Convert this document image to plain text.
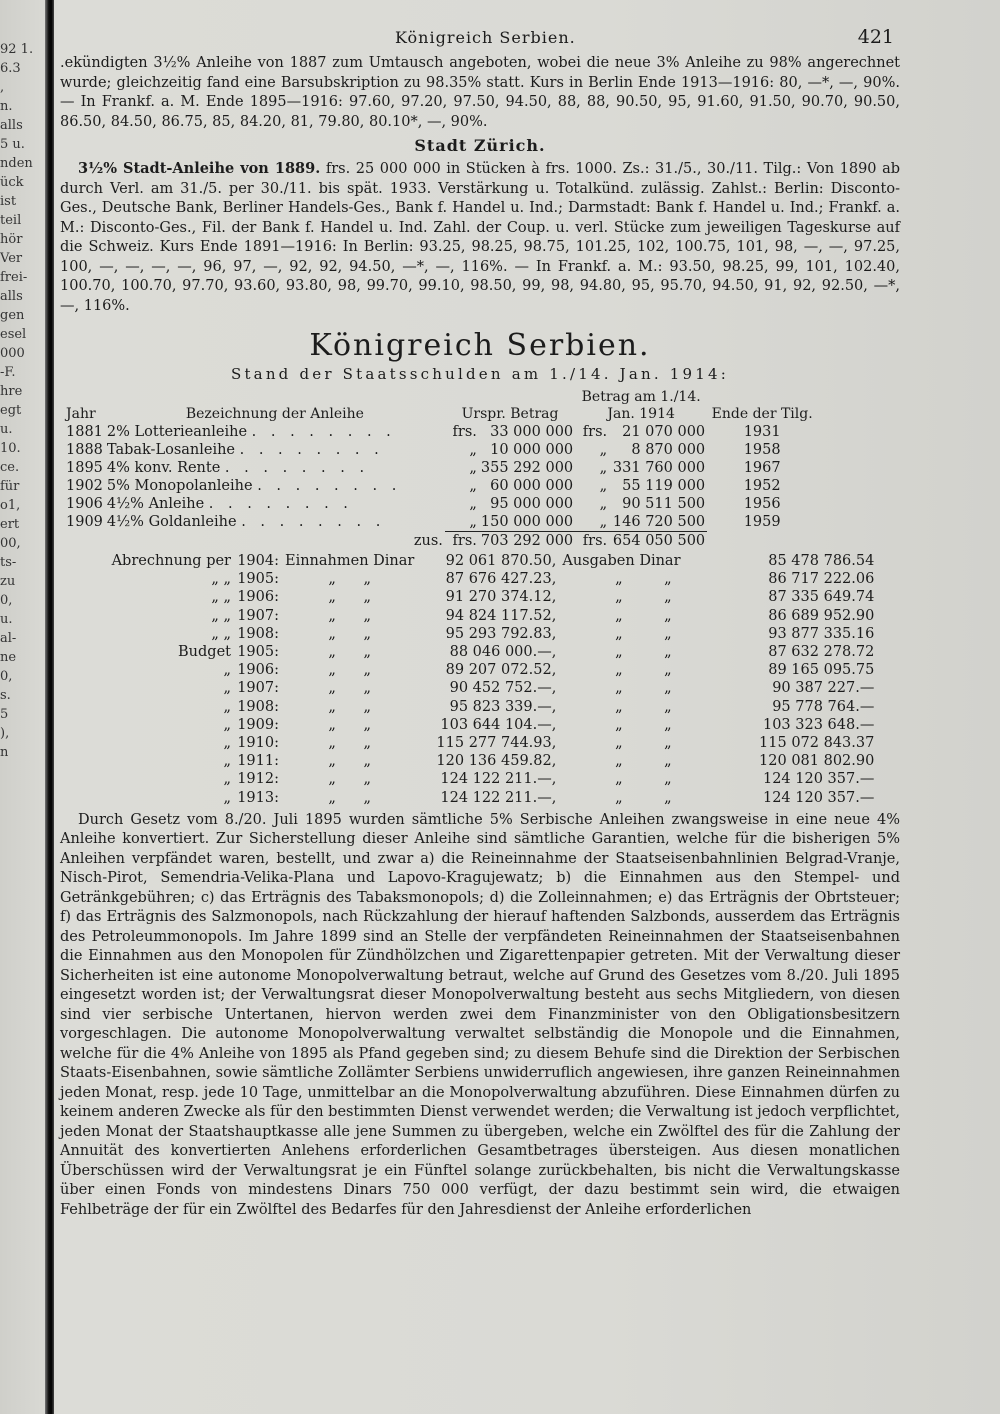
92 1.
6.3
,
n.
alls
5 u.
nden
ück
ist
teil
hör
Ver
frei-
alls
gen
esel
000
-F.
hre
egt
u.
10.
ce.
für
o1,
ert
00,
ts-
zu
0,
u.
al-
ne
0,
s.
5
),
n
Königreich Serbien.	421

.ekündigten 3½% Anleihe von 1887 zum Umtausch angeboten, wobei die neue 3% Anleihe zu 98% angerechnet wurde; gleichzeitig fand eine Barsubskription zu 98.35% statt. Kurs in Berlin Ende 1913—1916: 80, —*, —, 90%. — In Frankf. a. M. Ende 1895—1916: 97.60, 97.20, 97.50, 94.50, 88, 88, 90.50, 95, 91.60, 91.50, 90.70, 90.50, 86.50, 84.50, 86.75, 85, 84.20, 81, 79.80, 80.10*, —, 90%.

Stadt Zürich.

3½% Stadt-Anleihe von 1889. frs. 25 000 000 in Stücken à frs. 1000. Zs.: 31./5., 30./11. Tilg.: Von 1890 ab durch Verl. am 31./5. per 30./11. bis spät. 1933. Verstärkung u. Totalkünd. zulässig. Zahlst.: Berlin: Disconto-Ges., Deutsche Bank, Berliner Handels-Ges., Bank f. Handel u. Ind.; Darmstadt: Bank f. Handel u. Ind.; Frankf. a. M.: Disconto-Ges., Fil. der Bank f. Handel u. Ind. Zahl. der Coup. u. verl. Stücke zum jeweiligen Tageskurse auf die Schweiz. Kurs Ende 1891—1916: In Berlin: 93.25, 98.25, 98.75, 101.25, 102, 100.75, 101, 98, —, —, 97.25, 100, —, —, —, —, 96, 97, —, 92, 92, 94.50, —*, —, 116%. — In Frankf. a. M.: 93.50, 98.25, 99, 101, 102.40, 100.70, 100.70, 97.70, 93.60, 93.80, 98, 99.70, 99.10, 98.50, 99, 98, 94.80, 95, 95.70, 94.50, 91, 92, 92.50, —*, —, 116%.

Königreich Serbien.
Stand der Staatsschulden am 1./14. Jan. 1914:
Jahr	Bezeichnung der Anleihe	Urspr. Betrag		Betrag am 1./14. Jan. 1914		Ende der Tilg.
1881	2% Lotterieanleihe . . . . . . . .	frs.	33 000 000	frs.	21 070 000	1931
1888	Tabak-Losanleihe . . . . . . . .	„	10 000 000	„	8 870 000	1958
1895	4% konv. Rente . . . . . . . .	„	355 292 000	„	331 760 000	1967
1902	5% Monopolanleihe . . . . . . . .	„	60 000 000	„	55 119 000	1952
1906	4½% Anleihe . . . . . . . .	„	95 000 000	„	90 511 500	1956
1909	4½% Goldanleihe . . . . . . . .	„	150 000 000	„	146 720 500	1959
	zus.	frs.	703 292 000	frs.	654 050 500	
Abrechnung per	1904:	Einnahmen Dinar	92 061 870.50,	Ausgaben Dinar	85 478 786.54
„ „	1905:	„      „	87 676 427.23,	„         „	86 717 222.06
„ „	1906:	„      „	91 270 374.12,	„         „	87 335 649.74
„ „	1907:	„      „	94 824 117.52,	„         „	86 689 952.90
„ „	1908:	„      „	95 293 792.83,	„         „	93 877 335.16
Budget	1905:	„      „	88 046 000.—,	„         „	87 632 278.72
„	1906:	„      „	89 207 072.52,	„         „	89 165 095.75
„	1907:	„      „	90 452 752.—,	„         „	90 387 227.—
„	1908:	„      „	95 823 339.—,	„         „	95 778 764.—
„	1909:	„      „	103 644 104.—,	„         „	103 323 648.—
„	1910:	„      „	115 277 744.93,	„         „	115 072 843.37
„	1911:	„      „	120 136 459.82,	„         „	120 081 802.90
„	1912:	„      „	124 122 211.—,	„         „	124 120 357.—
„	1913:	„      „	124 122 211.—,	„         „	124 120 357.—

Durch Gesetz vom 8./20. Juli 1895 wurden sämtliche 5% Serbische Anleihen zwangsweise in eine neue 4% Anleihe konvertiert. Zur Sicherstellung dieser Anleihe sind sämtliche Garantien, welche für die bisherigen 5% Anleihen verpfändet waren, bestellt, und zwar a) die Reineinnahme der Staatseisenbahnlinien Belgrad-Vranje, Nisch-Pirot, Semendria-Velika-Plana und Lapovo-Kragujewatz; b) die Einnahmen aus den Stempel- und Getränkgebühren; c) das Erträgnis des Tabaksmonopols; d) die Zolleinnahmen; e) das Erträgnis der Obrtsteuer; f) das Erträgnis des Salzmonopols, nach Rückzahlung der hierauf haftenden Salzbonds, ausserdem das Erträgnis des Petroleummonopols. Im Jahre 1899 sind an Stelle der verpfändeten Reineinnahmen der Staatseisenbahnen die Einnahmen aus den Monopolen für Zündhölzchen und Zigarettenpapier getreten. Mit der Verwaltung dieser Sicherheiten ist eine autonome Monopolverwaltung betraut, welche auf Grund des Gesetzes vom 8./20. Juli 1895 eingesetzt worden ist; der Verwaltungsrat dieser Monopolverwaltung besteht aus sechs Mitgliedern, von diesen sind vier serbische Untertanen, hiervon werden zwei dem Finanzminister von den Obligationsbesitzern vorgeschlagen. Die autonome Monopolverwaltung verwaltet selbständig die Monopole und die Einnahmen, welche für die 4% Anleihe von 1895 als Pfand gegeben sind; zu diesem Behufe sind die Direktion der Serbischen Staats-Eisenbahnen, sowie sämtliche Zollämter Serbiens unwiderruflich angewiesen, ihre ganzen Reineinnahmen jeden Monat, resp. jede 10 Tage, unmittelbar an die Monopolverwaltung abzuführen. Diese Einnahmen dürfen zu keinem anderen Zwecke als für den bestimmten Dienst verwendet werden; die Verwaltung ist jedoch verpflichtet, jeden Monat der Staatshauptkasse alle jene Summen zu übergeben, welche ein Zwölftel des für die Zahlung der Annuität des konvertierten Anlehens erforderlichen Gesamtbetrages übersteigen. Aus diesen monatlichen Überschüssen wird der Verwaltungsrat je ein Fünftel solange zurückbehalten, bis nicht die Verwaltungskasse über einen Fonds von mindestens Dinars 750 000 verfügt, der dazu bestimmt sein wird, die etwaigen Fehlbeträge der für ein Zwölftel des Bedarfes für den Jahresdienst der Anleihe erforderlichen
